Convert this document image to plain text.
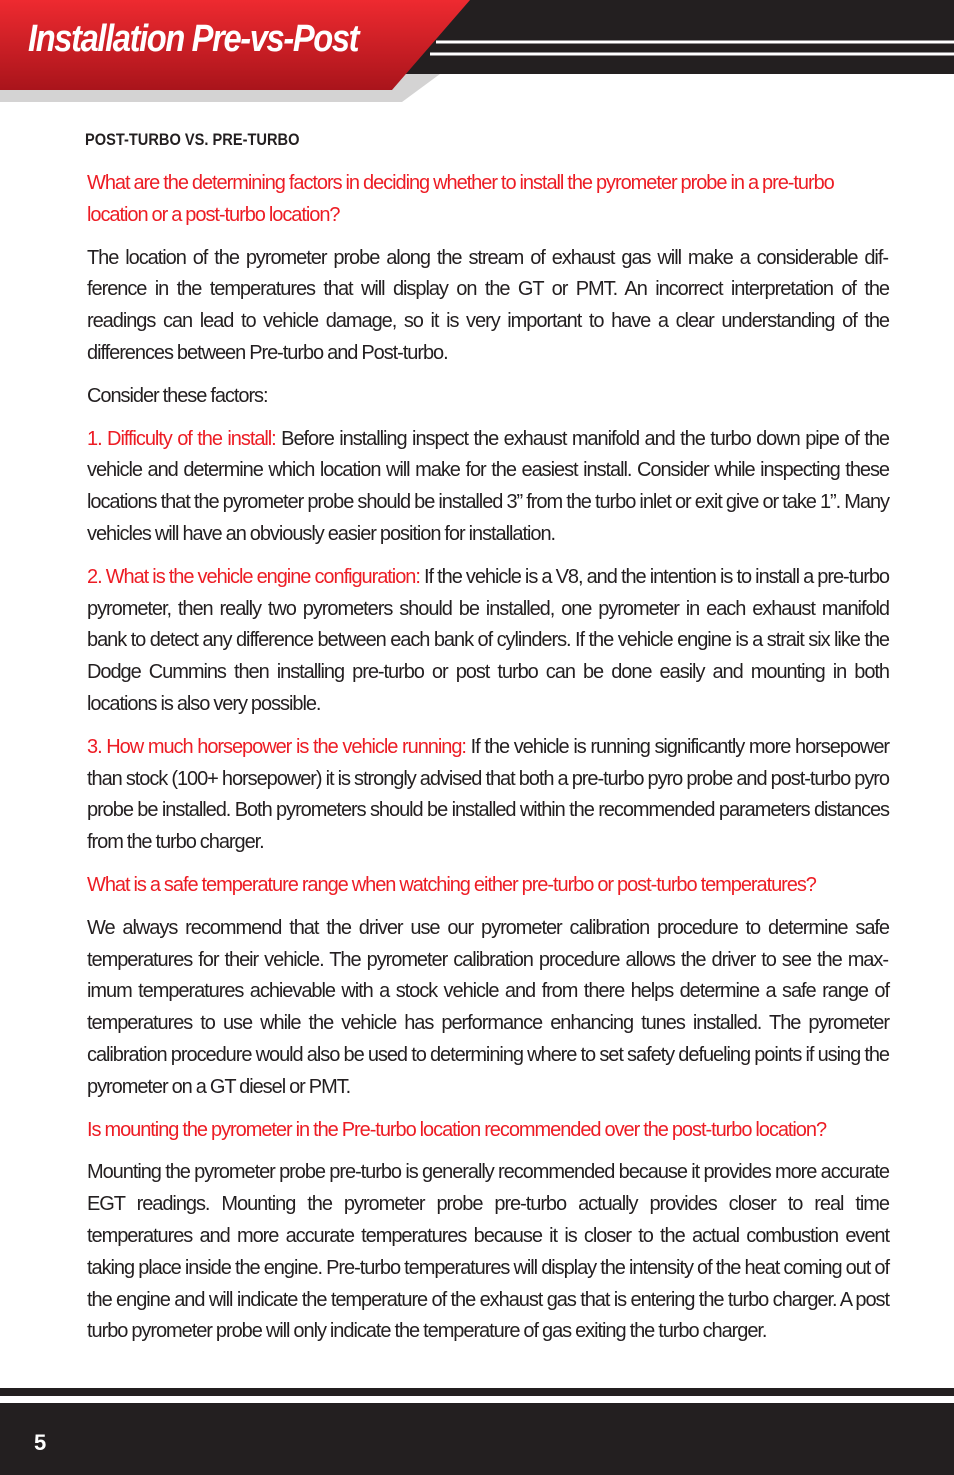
Installation Pre-vs-Post
POST-TURBO VS. PRE-TURBO

What are the determining factors in deciding whether to install the pyrometer probe in a pre-turbo location or a post-turbo location?

The location of the pyrometer probe along the stream of exhaust gas will make a considerable difference in the temperatures that will display on the GT or PMT. An incorrect interpretation of the readings can lead to vehicle damage, so it is very important to have a clear understanding of the differences between Pre-turbo and Post-turbo.

Consider these factors:

1. Difficulty of the install: Before installing inspect the exhaust manifold and the turbo down pipe of the vehicle and determine which location will make for the easiest install. Consider while inspecting these locations that the pyrometer probe should be installed 3” from the turbo inlet or exit give or take 1”. Many vehicles will have an obviously easier position for installation.

2. What is the vehicle engine configuration: If the vehicle is a V8, and the intention is to install a pre-turbo pyrometer, then really two pyrometers should be installed, one pyrometer in each exhaust manifold bank to detect any difference between each bank of cylinders. If the vehicle engine is a strait six like the Dodge Cummins then installing pre-turbo or post turbo can be done easily and mounting in both locations is also very possible.

3. How much horsepower is the vehicle running: If the vehicle is running significantly more horsepower than stock (100+ horsepower) it is strongly advised that both a pre-turbo pyro probe and post-turbo pyro probe be installed. Both pyrometers should be installed within the recommended parameters distances from the turbo charger.

What is a safe temperature range when watching either pre-turbo or post-turbo temperatures?

We always recommend that the driver use our pyrometer calibration procedure to determine safe temperatures for their vehicle. The pyrometer calibration procedure allows the driver to see the maximum temperatures achievable with a stock vehicle and from there helps determine a safe range of temperatures to use while the vehicle has performance enhancing tunes installed. The pyrometer calibration procedure would also be used to determining where to set safety defueling points if using the pyrometer on a GT diesel or PMT.

Is mounting the pyrometer in the Pre-turbo location recommended over the post-turbo location?

Mounting the pyrometer probe pre-turbo is generally recommended because it provides more accurate EGT readings. Mounting the pyrometer probe pre-turbo actually provides closer to real time temperatures and more accurate temperatures because it is closer to the actual combustion event taking place inside the engine. Pre-turbo temperatures will display the intensity of the heat coming out of the engine and will indicate the temperature of the exhaust gas that is entering the turbo charger. A post turbo pyrometer probe will only indicate the temperature of gas exiting the turbo charger.

5
